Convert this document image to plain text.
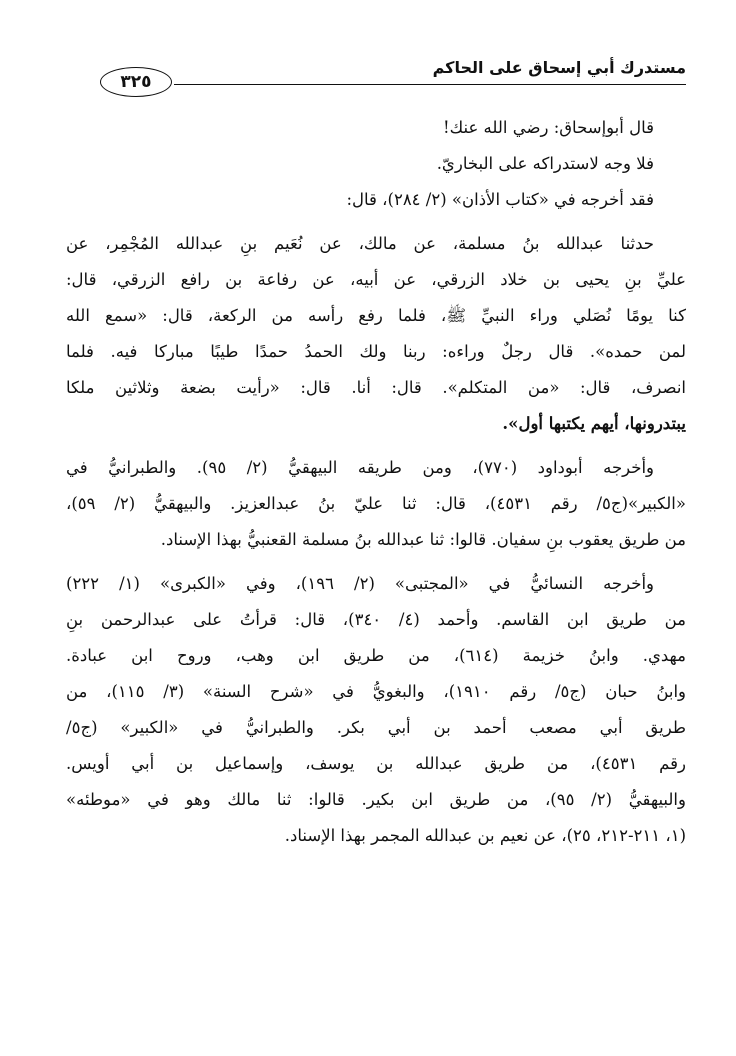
مستدرك أبي إسحاق على الحاكم
٣٢٥

قال أبوإسحاق: رضي الله عنك!

فلا وجه لاستدراكه على البخاريّ.

فقد أخرجه في «كتاب الأذان» (٢/ ٢٨٤)، قال:

حدثنا عبدالله بنُ مسلمة، عن مالك، عن نُعَيم بنِ عبدالله المُجْمِر، عن
عليِّ بنِ يحيى بن خلاد الزرقي، عن أبيه، عن رفاعة بن رافع الزرقي، قال:
كنا يومًا نُصَلي وراء النبيِّ ﷺ، فلما رفع رأسه من الركعة، قال: «سمع الله
لمن حمده». قال رجلٌ وراءه: ربنا ولك الحمدُ حمدًا طيبًا مباركا فيه. فلما
انصرف، قال: «من المتكلم». قال: أنا. قال: «رأيت بضعة وثلاثين ملكا
يبتدرونها، أيهم يكتبها أول».

وأخرجه أبوداود (٧٧٠)، ومن طريقه البيهقيُّ (٢/ ٩٥). والطبرانيُّ في
«الكبير»(ج٥/ رقم ٤٥٣١)، قال: ثنا عليّ بنُ عبدالعزيز. والبيهقيُّ (٢/ ٥٩)،
من طريق يعقوب بنِ سفيان. قالوا: ثنا عبدالله بنُ مسلمة القعنبيُّ بهذا الإسناد.

وأخرجه النسائيُّ في «المجتبى» (٢/ ١٩٦)، وفي «الكبرى» (١/ ٢٢٢)
من طريق ابن القاسم. وأحمد (٤/ ٣٤٠)، قال: قرأتُ على عبدالرحمن بنِ
مهدي. وابنُ خزيمة (٦١٤)، من طريق ابن وهب، وروح ابن عبادة.
وابنُ حبان (ج٥/ رقم ١٩١٠)، والبغويُّ في «شرح السنة» (٣/ ١١٥)، من
طريق أبي مصعب أحمد بن أبي بكر. والطبرانيُّ في «الكبير» (ج٥/
رقم ٤٥٣١)، من طريق عبدالله بن يوسف، وإسماعيل بن أبي أويس.
والبيهقيُّ (٢/ ٩٥)، من طريق ابن بكير. قالوا: ثنا مالك وهو في «موطئه»
(١، ٢١١-٢١٢، ٢٥)، عن نعيم بن عبدالله المجمر بهذا الإسناد.
